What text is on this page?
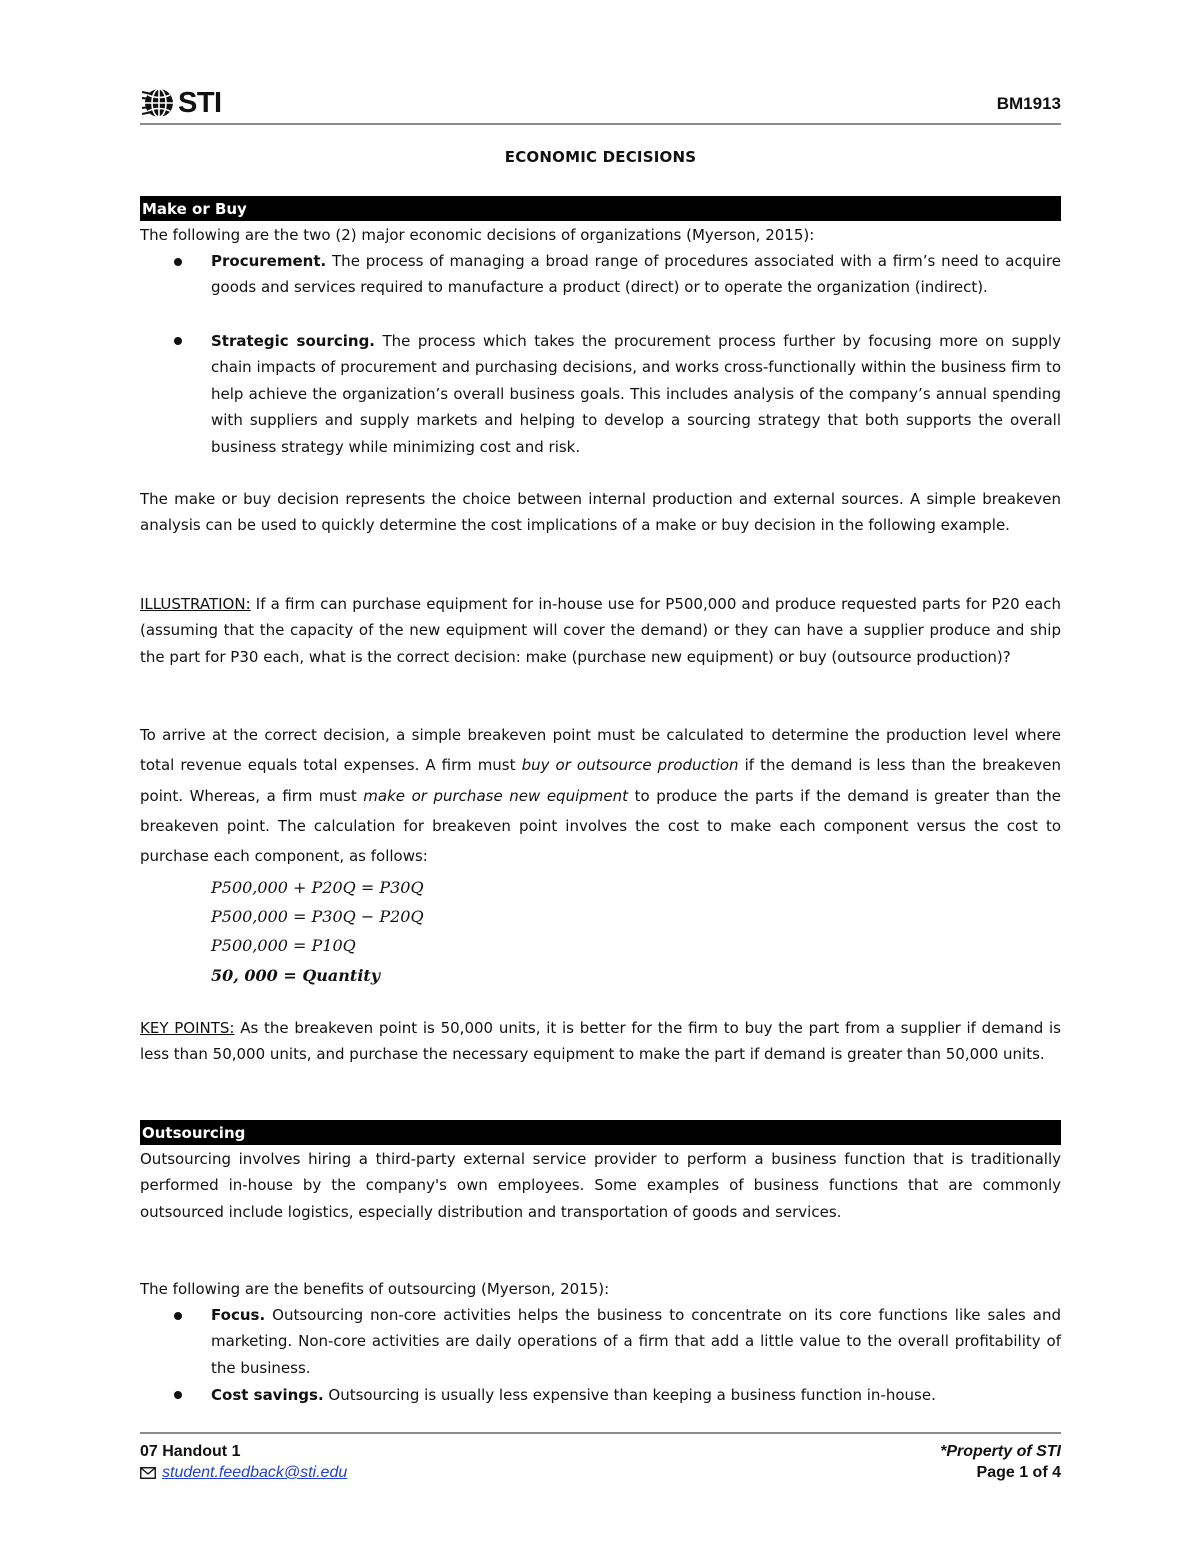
STI	BM1913
ECONOMIC DECISIONS
Make or Buy

The following are the two (2) major economic decisions of organizations (Myerson, 2015):

Procurement. The process of managing a broad range of procedures associated with a firm’s need to acquire goods and services required to manufacture a product (direct) or to operate the organization (indirect).

Strategic sourcing. The process which takes the procurement process further by focusing more on supply chain impacts of procurement and purchasing decisions, and works cross-functionally within the business firm to help achieve the organization’s overall business goals. This includes analysis of the company’s annual spending with suppliers and supply markets and helping to develop a sourcing strategy that both supports the overall business strategy while minimizing cost and risk.

The make or buy decision represents the choice between internal production and external sources. A simple breakeven analysis can be used to quickly determine the cost implications of a make or buy decision in the following example.

ILLUSTRATION: If a firm can purchase equipment for in-house use for P500,000 and produce requested parts for P20 each (assuming that the capacity of the new equipment will cover the demand) or they can have a supplier produce and ship the part for P30 each, what is the correct decision: make (purchase new equipment) or buy (outsource production)?

To arrive at the correct decision, a simple breakeven point must be calculated to determine the production level where total revenue equals total expenses. A firm must buy or outsource production if the demand is less than the breakeven point. Whereas, a firm must make or purchase new equipment to produce the parts if the demand is greater than the breakeven point. The calculation for breakeven point involves the cost to make each component versus the cost to purchase each component, as follows:

P500,000 + P20Q = P30Q
P500,000 = P30Q − P20Q
P500,000 = P10Q
50, 000 = Quantity

KEY POINTS: As the breakeven point is 50,000 units, it is better for the firm to buy the part from a supplier if demand is less than 50,000 units, and purchase the necessary equipment to make the part if demand is greater than 50,000 units.

Outsourcing

Outsourcing involves hiring a third-party external service provider to perform a business function that is traditionally performed in-house by the company's own employees. Some examples of business functions that are commonly outsourced include logistics, especially distribution and transportation of goods and services.

The following are the benefits of outsourcing (Myerson, 2015):

Focus. Outsourcing non-core activities helps the business to concentrate on its core functions like sales and marketing. Non-core activities are daily operations of a firm that add a little value to the overall profitability of the business.

Cost savings. Outsourcing is usually less expensive than keeping a business function in-house.

07 Handout 1
student.feedback@sti.edu
*Property of STI
Page 1 of 4
